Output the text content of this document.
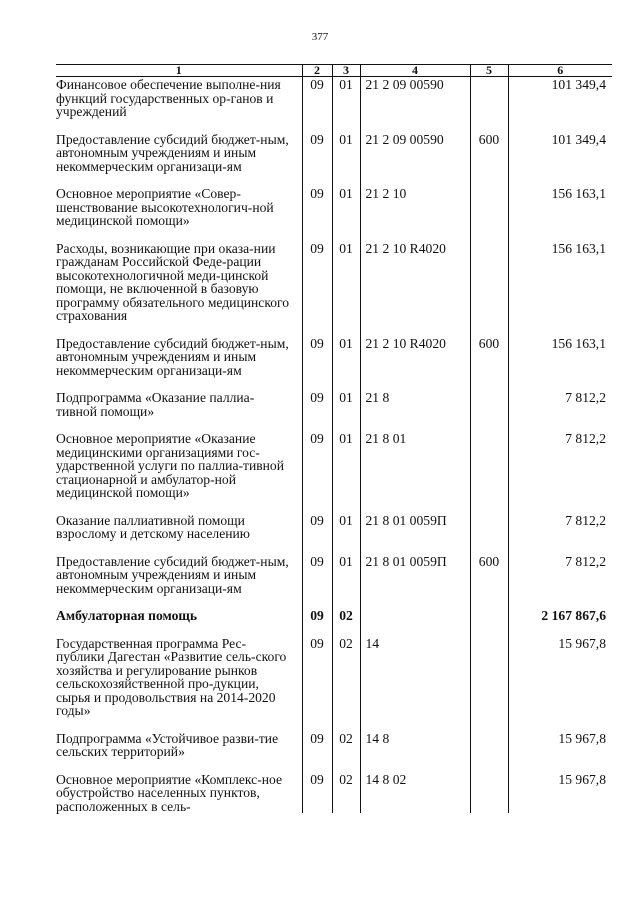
377
1	2	3	4	5	6
Финансовое обеспечение выполне-ния функций государственных ор-ганов и учреждений	09	01	21 2 09 00590		101 349,4
Предоставление субсидий бюджет-ным, автономным учреждениям и иным некоммерческим организаци-ям	09	01	21 2 09 00590	600	101 349,4
Основное мероприятие «Совер-шенствование высокотехнологич-ной медицинской помощи»	09	01	21 2 10		156 163,1
Расходы, возникающие при оказа-нии гражданам Российской Феде-рации высокотехнологичной меди-цинской помощи, не включенной в базовую программу обязательного медицинского страхования	09	01	21 2 10 R4020		156 163,1
Предоставление субсидий бюджет-ным, автономным учреждениям и иным некоммерческим организаци-ям	09	01	21 2 10 R4020	600	156 163,1
Подпрограмма «Оказание паллиа-тивной помощи»	09	01	21 8		7 812,2
Основное мероприятие «Оказание медицинскими организациями гос-ударственной услуги по паллиа-тивной стационарной и амбулатор-ной медицинской помощи»	09	01	21 8 01		7 812,2
Оказание паллиативной помощи взрослому и детскому населению	09	01	21 8 01 0059П		7 812,2
Предоставление субсидий бюджет-ным, автономным учреждениям и иным некоммерческим организаци-ям	09	01	21 8 01 0059П	600	7 812,2
Амбулаторная помощь	09	02			2 167 867,6
Государственная программа Рес-публики Дагестан «Развитие сель-ского хозяйства и регулирование рынков сельскохозяйственной про-дукции, сырья и продовольствия на 2014-2020 годы»	09	02	14		15 967,8
Подпрограмма «Устойчивое разви-тие сельских территорий»	09	02	14 8		15 967,8
Основное мероприятие «Комплекс-ное обустройство населенных пунктов, расположенных в сель-	09	02	14 8 02		15 967,8
